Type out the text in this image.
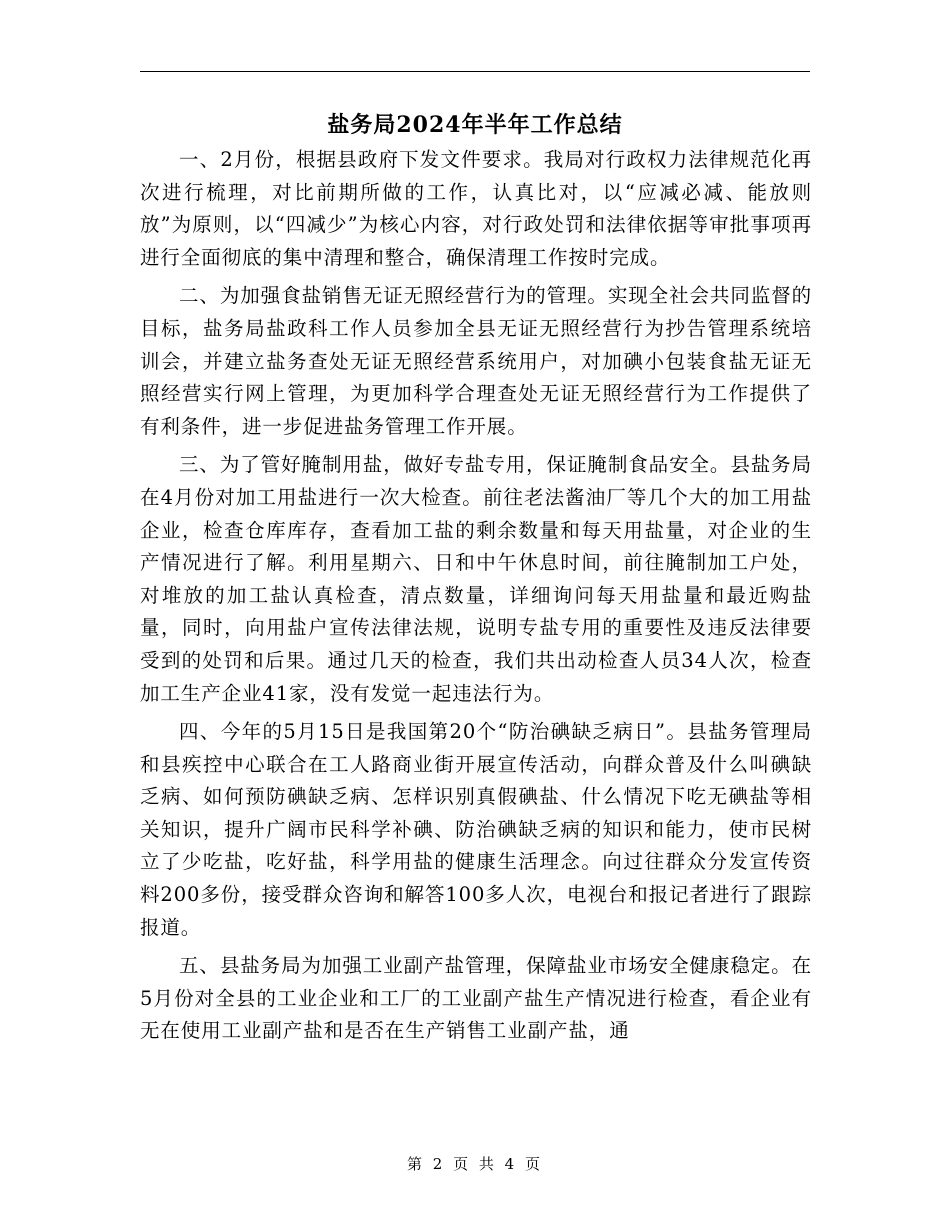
盐务局2024年半年工作总结

一、2月份，根据县政府下发文件要求。我局对行政权力法律规范化再次进行梳理，对比前期所做的工作，认真比对，以“应减必减、能放则放”为原则，以“四减少”为核心内容，对行政处罚和法律依据等审批事项再进行全面彻底的集中清理和整合，确保清理工作按时完成。

二、为加强食盐销售无证无照经营行为的管理。实现全社会共同监督的目标，盐务局盐政科工作人员参加全县无证无照经营行为抄告管理系统培训会，并建立盐务查处无证无照经营系统用户，对加碘小包装食盐无证无照经营实行网上管理，为更加科学合理查处无证无照经营行为工作提供了有利条件，进一步促进盐务管理工作开展。

三、为了管好腌制用盐，做好专盐专用，保证腌制食品安全。县盐务局在4月份对加工用盐进行一次大检查。前往老法酱油厂等几个大的加工用盐企业，检查仓库库存，查看加工盐的剩余数量和每天用盐量，对企业的生产情况进行了解。利用星期六、日和中午休息时间，前往腌制加工户处，对堆放的加工盐认真检查，清点数量，详细询问每天用盐量和最近购盐量，同时，向用盐户宣传法律法规，说明专盐专用的重要性及违反法律要受到的处罚和后果。通过几天的检查，我们共出动检查人员34人次，检查加工生产企业41家，没有发觉一起违法行为。

四、今年的5月15日是我国第20个“防治碘缺乏病日”。县盐务管理局和县疾控中心联合在工人路商业街开展宣传活动，向群众普及什么叫碘缺乏病、如何预防碘缺乏病、怎样识别真假碘盐、什么情况下吃无碘盐等相关知识，提升广阔市民科学补碘、防治碘缺乏病的知识和能力，使市民树立了少吃盐，吃好盐，科学用盐的健康生活理念。向过往群众分发宣传资料200多份，接受群众咨询和解答100多人次，电视台和报记者进行了跟踪报道。

五、县盐务局为加强工业副产盐管理，保障盐业市场安全健康稳定。在5月份对全县的工业企业和工厂的工业副产盐生产情况进行检查，看企业有无在使用工业副产盐和是否在生产销售工业副产盐，通

第 2 页 共 4 页
